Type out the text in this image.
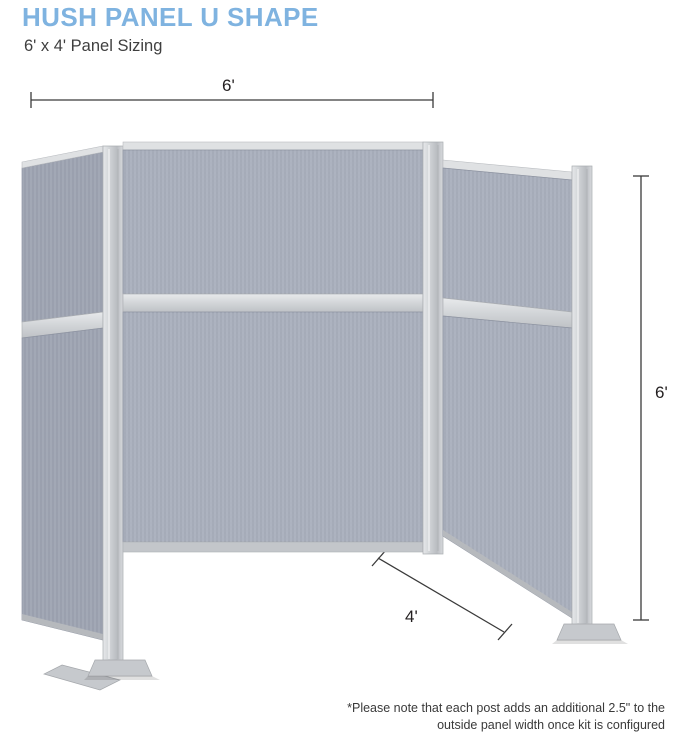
HUSH PANEL U SHAPE
6' x 4' Panel Sizing
6'
6'
4'
*Please note that each post adds an additional 2.5" to the outside panel width once kit is configured
